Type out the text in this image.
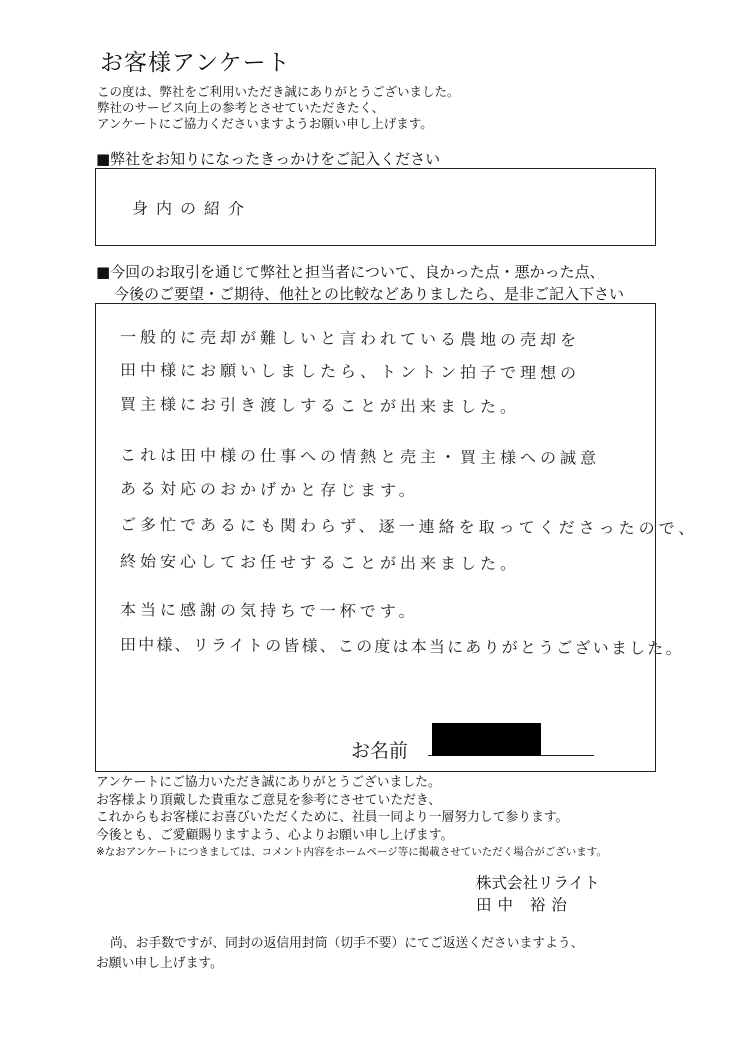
お客様アンケート
この度は、弊社をご利用いただき誠にありがとうございました。
弊社のサービス向上の参考とさせていただきたく、
アンケートにご協力くださいますようお願い申し上げます。
■弊社をお知りになったきっかけをご記入ください
身内の紹介
■今回のお取引を通じて弊社と担当者について、良かった点・悪かった点、
今後のご要望・ご期待、他社との比較などありましたら、是非ご記入下さい
一般的に売却が難しいと言われている農地の売却を
田中様にお願いしましたら、トントン拍子で理想の
買主様にお引き渡しすることが出来ました。
これは田中様の仕事への情熱と売主・買主様への誠意
ある対応のおかげかと存じます。
ご多忙であるにも関わらず、逐一連絡を取ってくださったので、
終始安心してお任せすることが出来ました。
本当に感謝の気持ちで一杯です。
田中様、リライトの皆様、この度は本当にありがとうございました。
お名前
アンケートにご協力いただき誠にありがとうございました。
お客様より頂戴した貴重なご意見を参考にさせていただき、
これからもお客様にお喜びいただくために、社員一同より一層努力して参ります。
今後とも、ご愛顧賜りますよう、心よりお願い申し上げます。
※なおアンケートにつきましては、コメント内容をホームページ等に掲載させていただく場合がございます。
株式会社リライト
田中 裕治
尚、お手数ですが、同封の返信用封筒（切手不要）にてご返送くださいますよう、
お願い申し上げます。
